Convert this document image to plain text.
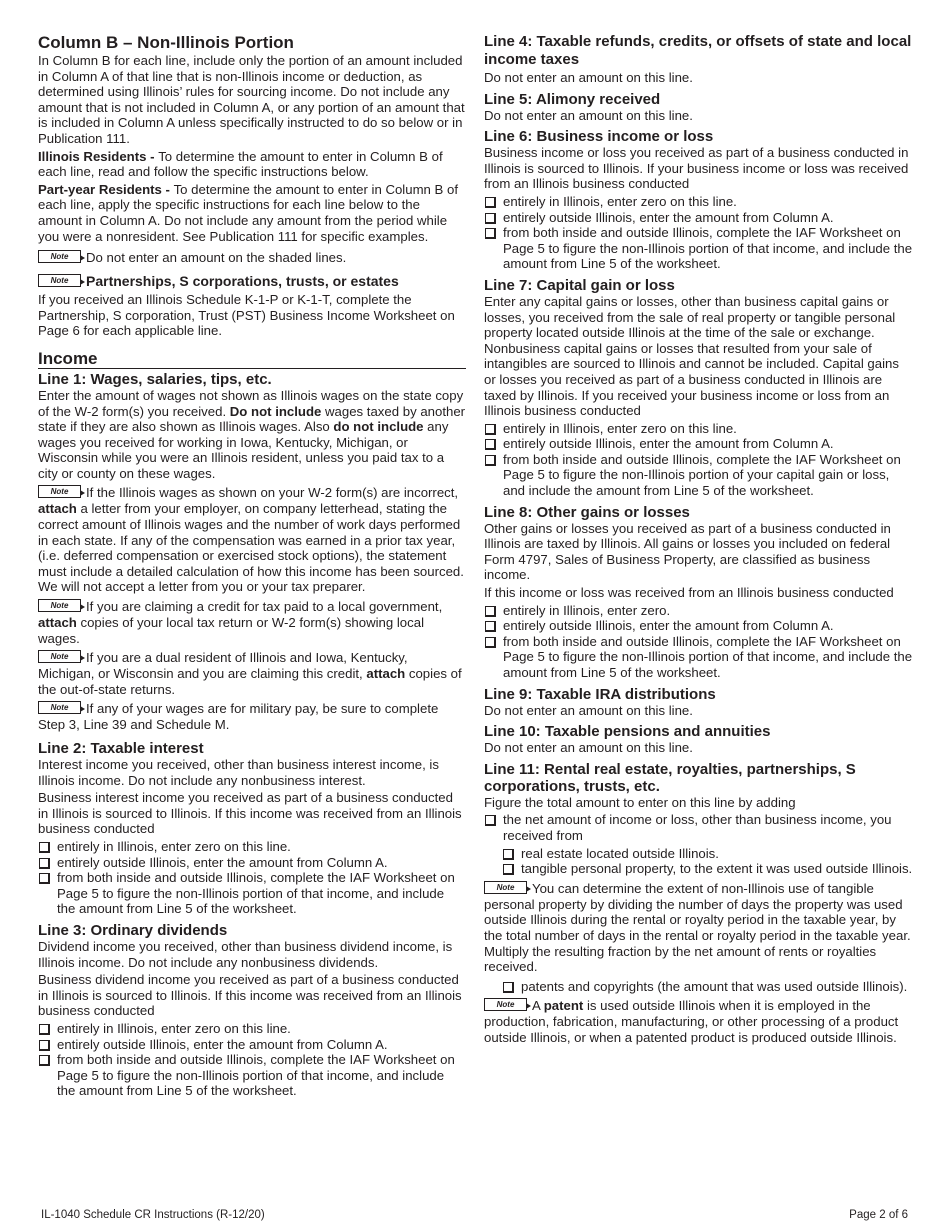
Column B – Non-Illinois Portion

In Column B for each line, include only the portion of an amount included in Column A of that line that is non-Illinois income or deduction, as determined using Illinois’ rules for sourcing income. Do not include any amount that is not included in Column A, or any portion of an amount that is included in Column A unless specifically instructed to do so below or in Publication 111.

Illinois Residents - To determine the amount to enter in Column B of each line, read and follow the specific instructions below.

Part-year Residents - To determine the amount to enter in Column B of each line, apply the specific instructions for each line below to the amount in Column A. Do not include any amount from the period while you were a nonresident. See Publication 111 for specific examples.

Note Do not enter an amount on the shaded lines.

Note Partnerships, S corporations, trusts, or estates

If you received an Illinois Schedule K-1-P or K-1-T, complete the Partnership, S corporation, Trust (PST) Business Income Worksheet on Page 6 for each applicable line.

Income
Line 1: Wages, salaries, tips, etc.

Enter the amount of wages not shown as Illinois wages on the state copy of the W-2 form(s) you received. Do not include wages taxed by another state if they are also shown as Illinois wages. Also do not include any wages you received for working in Iowa, Kentucky, Michigan, or Wisconsin while you were an Illinois resident, unless you paid tax to a city or county on these wages.

Note If the Illinois wages as shown on your W-2 form(s) are incorrect, attach a letter from your employer, on company letterhead, stating the correct amount of Illinois wages and the number of work days performed in each state. If any of the compensation was earned in a prior tax year, (i.e. deferred compensation or exercised stock options), the statement must include a detailed calculation of how this income has been sourced. We will not accept a letter from you or your tax preparer.

Note If you are claiming a credit for tax paid to a local government, attach copies of your local tax return or W-2 form(s) showing local wages.

Note If you are a dual resident of Illinois and Iowa, Kentucky, Michigan, or Wisconsin and you are claiming this credit, attach copies of the out-of-state returns.

Note If any of your wages are for military pay, be sure to complete Step 3, Line 39 and Schedule M.

Line 2: Taxable interest

Interest income you received, other than business interest income, is Illinois income. Do not include any nonbusiness interest.

Business interest income you received as part of a business conducted in Illinois is sourced to Illinois. If this income was received from an Illinois business conducted

entirely in Illinois, enter zero on this line.
entirely outside Illinois, enter the amount from Column A.
from both inside and outside Illinois, complete the IAF Worksheet on Page 5 to figure the non-Illinois portion of that income, and include the amount from Line 5 of the worksheet.
Line 3: Ordinary dividends

Dividend income you received, other than business dividend income, is Illinois income. Do not include any nonbusiness dividends.

Business dividend income you received as part of a business conducted in Illinois is sourced to Illinois. If this income was received from an Illinois business conducted

entirely in Illinois, enter zero on this line.
entirely outside Illinois, enter the amount from Column A.
from both inside and outside Illinois, complete the IAF Worksheet on Page 5 to figure the non-Illinois portion of that income, and include the amount from Line 5 of the worksheet.
Line 4: Taxable refunds, credits, or offsets of state and local income taxes

Do not enter an amount on this line.

Line 5: Alimony received

Do not enter an amount on this line.

Line 6: Business income or loss

Business income or loss you received as part of a business conducted in Illinois is sourced to Illinois. If your business income or loss was received from an Illinois business conducted

entirely in Illinois, enter zero on this line.
entirely outside Illinois, enter the amount from Column A.
from both inside and outside Illinois, complete the IAF Worksheet on Page 5 to figure the non-Illinois portion of that income, and include the amount from Line 5 of the worksheet.
Line 7: Capital gain or loss

Enter any capital gains or losses, other than business capital gains or losses, you received from the sale of real property or tangible personal property located outside Illinois at the time of the sale or exchange. Nonbusiness capital gains or losses that resulted from your sale of intangibles are sourced to Illinois and cannot be included. Capital gains or losses you received as part of a business conducted in Illinois are taxed by Illinois. If you received your business income or loss from an Illinois business conducted

entirely in Illinois, enter zero on this line.
entirely outside Illinois, enter the amount from Column A.
from both inside and outside Illinois, complete the IAF Worksheet on Page 5 to figure the non-Illinois portion of your capital gain or loss, and include the amount from Line 5 of the worksheet.
Line 8: Other gains or losses

Other gains or losses you received as part of a business conducted in Illinois are taxed by Illinois. All gains or losses you included on federal Form 4797, Sales of Business Property, are classified as business income.

If this income or loss was received from an Illinois business conducted

entirely in Illinois, enter zero.
entirely outside Illinois, enter the amount from Column A.
from both inside and outside Illinois, complete the IAF Worksheet on Page 5 to figure the non-Illinois portion of that income, and include the amount from Line 5 of the worksheet.
Line 9: Taxable IRA distributions

Do not enter an amount on this line.

Line 10: Taxable pensions and annuities

Do not enter an amount on this line.

Line 11: Rental real estate, royalties, partnerships, S corporations, trusts, etc.

Figure the total amount to enter on this line by adding

the net amount of income or loss, other than business income, you received from
real estate located outside Illinois.
tangible personal property, to the extent it was used outside Illinois.

Note You can determine the extent of non-Illinois use of tangible personal property by dividing the number of days the property was used outside Illinois during the rental or royalty period in the taxable year, by the total number of days in the rental or royalty period in the taxable year. Multiply the resulting fraction by the net amount of rents or royalties received.

patents and copyrights (the amount that was used outside Illinois).

Note A patent is used outside Illinois when it is employed in the production, fabrication, manufacturing, or other processing of a product outside Illinois, or when a patented product is produced outside Illinois.

IL-1040 Schedule CR Instructions (R-12/20)	Page 2 of 6
